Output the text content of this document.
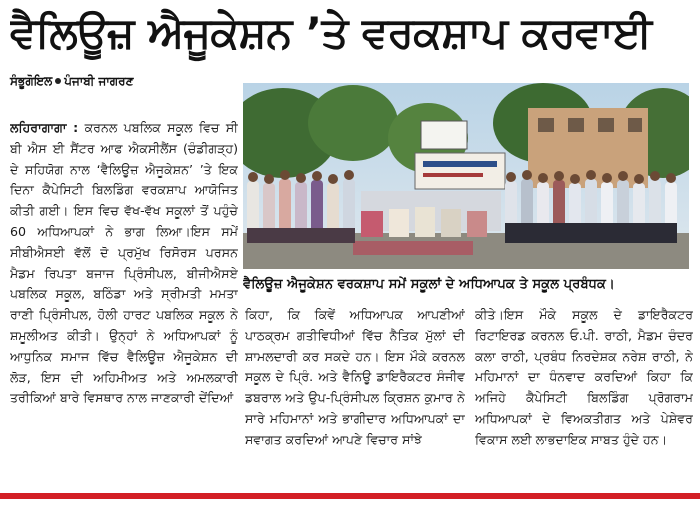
ਵੈਲਿਊਜ਼ ਐਜੂਕੇਸ਼ਨ ’ਤੇ ਵਰਕਸ਼ਾਪ ਕਰਵਾਈ
ਸੰਭੂਗੋਇਲ ਪੰਜਾਬੀ ਜਾਗਰਣ
ਲਹਿਰਾਗਾਗਾ : ਕਰਨਲ ਪਬਲਿਕ ਸਕੂਲ ਵਿਚ ਸੀ ਬੀ ਐਸ ਈ ਸੈਂਟਰ ਆਫ ਐਕਸੀਲੈਂਸ (ਚੰਡੀਗੜ੍ਹ) ਦੇ ਸਹਿਯੋਗ ਨਾਲ ‘ਵੈਲਿਊਜ਼ ਐਜੂਕੇਸ਼ਨ’ ’ਤੇ ਇਕ ਦਿਨਾ ਕੈਪੇਸਿਟੀ ਬਿਲਡਿੰਗ ਵਰਕਸ਼ਾਪ ਆਯੋਜਿਤ ਕੀਤੀ ਗਈ। ਇਸ ਵਿਚ ਵੱਖ-ਵੱਖ ਸਕੂਲਾਂ ਤੋਂ ਪਹੁੰਚੇ 60 ਅਧਿਆਪਕਾਂ ਨੇ ਭਾਗ ਲਿਆ।ਇਸ ਸਮੇਂ ਸੀਬੀਐਸਈ ਵੱਲੋਂ ਦੋ ਪ੍ਰਮੁੱਖ ਰਿਸੋਰਸ ਪਰਸਨ ਮੈਡਮ ਰਿਪਤਾ ਬਜਾਜ ਪ੍ਰਿੰਸੀਪਲ, ਬੀਜੀਐਸਏ ਪਬਲਿਕ ਸਕੂਲ, ਬਠਿੰਡਾ ਅਤੇ ਸ੍ਰੀਮਤੀ ਮਮਤਾ ਰਾਣੀ ਪ੍ਰਿੰਸੀਪਲ, ਹੋਲੀ ਹਾਰਟ ਪਬਲਿਕ ਸਕੂਲ ਨੇ ਸ਼ਮੂਲੀਅਤ ਕੀਤੀ। ਉਨ੍ਹਾਂ ਨੇ ਅਧਿਆਪਕਾਂ ਨੂੰ ਆਧੁਨਿਕ ਸਮਾਜ ਵਿੱਚ ਵੈਲਿਊਜ਼ ਐਜੂਕੇਸ਼ਨ ਦੀ ਲੋੜ, ਇਸ ਦੀ ਅਹਿਮੀਅਤ ਅਤੇ ਅਮਲਕਾਰੀ ਤਰੀਕਿਆਂ ਬਾਰੇ ਵਿਸਥਾਰ ਨਾਲ ਜਾਣਕਾਰੀ ਦੇਂਦਿਆਂ
ਵੈਲਿਊਜ਼ ਐਜੂਕੇਸ਼ਨ ਵਰਕਸ਼ਾਪ ਸਮੇਂ ਸਕੂਲਾਂ ਦੇ ਅਧਿਆਪਕ ਤੇ ਸਕੂਲ ਪ੍ਰਬੰਧਕ।
ਕਿਹਾ, ਕਿ ਕਿਵੇਂ ਅਧਿਆਪਕ ਆਪਣੀਆਂ ਪਾਠਕ੍ਰਮ ਗਤੀਵਿਧੀਆਂ ਵਿੱਚ ਨੈਤਿਕ ਮੁੱਲਾਂ ਦੀ ਸ਼ਾਮਲਦਾਰੀ ਕਰ ਸਕਦੇ ਹਨ। ਇਸ ਮੌਕੇ ਕਰਨਲ ਸਕੂਲ ਦੇ ਪ੍ਰਿੰ. ਅਤੇ ਵੈਨਿਊ ਡਾਇਰੈਕਟਰ ਸੰਜੀਵ ਡਬਰਾਲ ਅਤੇ ਉਪ-ਪ੍ਰਿੰਸੀਪਲ ਕ੍ਰਿਸ਼ਨ ਕੁਮਾਰ ਨੇ ਸਾਰੇ ਮਹਿਮਾਨਾਂ ਅਤੇ ਭਾਗੀਦਾਰ ਅਧਿਆਪਕਾਂ ਦਾ ਸਵਾਗਤ ਕਰਦਿਆਂ ਆਪਣੇ ਵਿਚਾਰ ਸਾਂਝੇ
ਕੀਤੇ।ਇਸ ਮੌਕੇ ਸਕੂਲ ਦੇ ਡਾਇਰੈਕਟਰ ਰਿਟਾਇਰਡ ਕਰਨਲ ਓ.ਪੀ. ਰਾਠੀ, ਮੈਡਮ ਚੰਦਰ ਕਲਾ ਰਾਠੀ, ਪ੍ਰਬੰਧ ਨਿਰਦੇਸ਼ਕ ਨਰੇਸ਼ ਰਾਠੀ, ਨੇ ਮਹਿਮਾਨਾਂ ਦਾ ਧੰਨਵਾਦ ਕਰਦਿਆਂ ਕਿਹਾ ਕਿ ਅਜਿਹੇ ਕੈਪੇਸਿਟੀ ਬਿਲਡਿੰਗ ਪ੍ਰੋਗਰਾਮ ਅਧਿਆਪਕਾਂ ਦੇ ਵਿਅਕਤੀਗਤ ਅਤੇ ਪੇਸ਼ੇਵਰ ਵਿਕਾਸ ਲਈ ਲਾਭਦਾਇਕ ਸਾਬਤ ਹੁੰਦੇ ਹਨ।
